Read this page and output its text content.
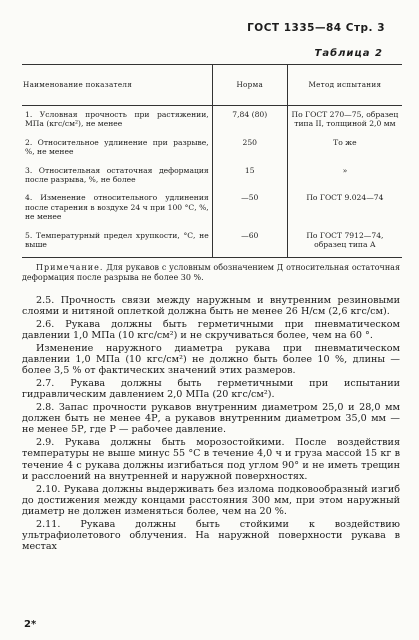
ГОСТ 1335—84 Стр. 3
Таблица 2
Наименование показателя	Норма	Метод испытания
1. Условная прочность при растяжении, МПа (кгс/см²), не менее	7,84 (80)	По ГОСТ 270—75, образец типа II, толщиной 2,0 мм
2. Относительное удлинение при разрыве, %, не менее	250	То же
3. Относительная остаточная деформация после разрыва, %, не более	15	»
4. Изменение относительного удлинения после старения в воздухе 24 ч при 100 °С, %, не менее	—50	По ГОСТ 9.024—74
5. Температурный предел хрупкости, °С, не выше	—60	По ГОСТ 7912—74, образец типа А
Примечание. Для рукавов с условным обозначением Д относительная остаточная деформация после разрыва не более 30 %.

2.5. Прочность связи между наружным и внутренним резиновыми слоями и нитяной оплеткой должна быть не менее 26 Н/см (2,6 кгс/см).

2.6. Рукава должны быть герметичными при пневматическом давлении 1,0 МПа (10 кгс/см²) и не скручиваться более, чем на 60 °.

Изменение наружного диаметра рукава при пневматическом давлении 1,0 МПа (10 кгс/см²) не должно быть более 10 %, длины — более 3,5 % от фактических значений этих размеров.

2.7. Рукава должны быть герметичными при испытании гидравлическим давлением 2,0 МПа (20 кгс/см²).

2.8. Запас прочности рукавов внутренним диаметром 25,0 и 28,0 мм должен быть не менее 4Р, а рукавов внутренним диаметром 35,0 мм — не менее 5Р, где Р — рабочее давление.

2.9. Рукава должны быть морозостойкими. После воздействия температуры не выше минус 55 °С в течение 4,0 ч и груза массой 15 кг в течение 4 с рукава должны изгибаться под углом 90° и не иметь трещин и расслоений на внутренней и наружной поверхностях.

2.10. Рукава должны выдерживать без излома подковообразный изгиб до достижения между концами расстояния 300 мм, при этом наружный диаметр не должен изменяться более, чем на 20 %.

2.11. Рукава должны быть стойкими к воздействию ультрафиолетового облучения. На наружной поверхности рукава в местах

2*
